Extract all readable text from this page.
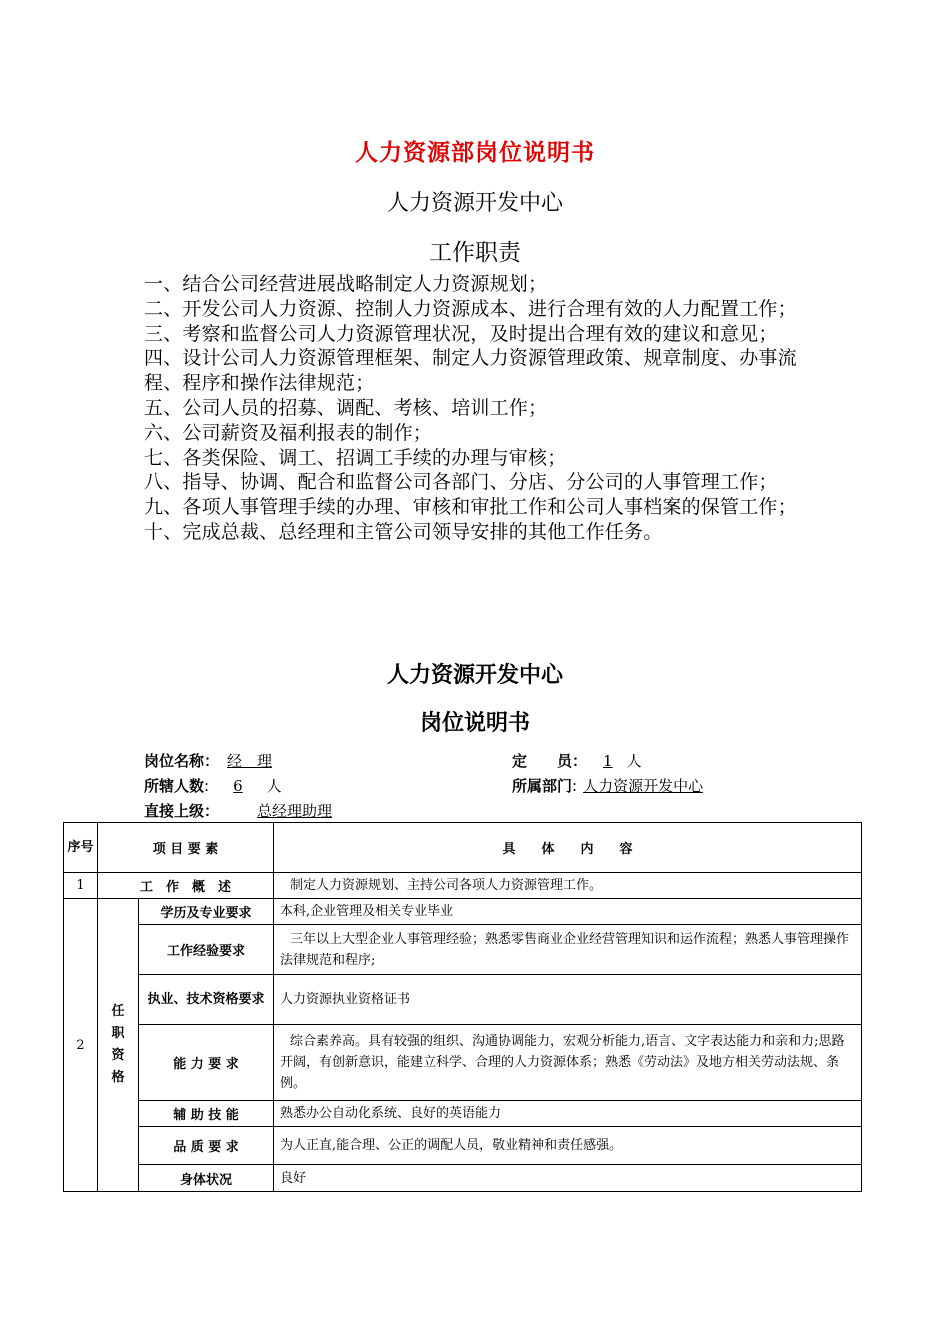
人力资源部岗位说明书
人力资源开发中心
工作职责
一、结合公司经营进展战略制定人力资源规划；
二、开发公司人力资源、控制人力资源成本、进行合理有效的人力配置工作；
三、考察和监督公司人力资源管理状况，及时提出合理有效的建议和意见；
四、设计公司人力资源管理框架、制定人力资源管理政策、规章制度、办事流程、程序和操作法律规范；
五、公司人员的招募、调配、考核、培训工作；
六、公司薪资及福利报表的制作；
七、各类保险、调工、招调工手续的办理与审核；
八、指导、协调、配合和监督公司各部门、分店、分公司的人事管理工作；
九、各项人事管理手续的办理、审核和审批工作和公司人事档案的保管工作；
十、完成总裁、总经理和主管公司领导安排的其他工作任务。
人力资源开发中心
岗位说明书
岗位名称： 经　理	定　　员： 1 人
所辖人数: 6 人	所属部门: 人力资源开发中心
直接上级：	总经理助理
序号	项 目 要 素		具　　体　　内　　容
1	工　作　概　述		制定人力资源规划、主持公司各项人力资源管理工作。
2	任职资格	学历及专业要求	本科,企业管理及相关专业毕业
		工作经验要求	三年以上大型企业人事管理经验；熟悉零售商业企业经营管理知识和运作流程；熟悉人事管理操作法律规范和程序;
		执业、技术资格要求	人力资源执业资格证书
		能 力 要 求	综合素养高。具有较强的组织、沟通协调能力，宏观分析能力,语言、文字表达能力和亲和力;思路开阔，有创新意识，能建立科学、合理的人力资源体系；熟悉《劳动法》及地方相关劳动法规、条例。
		辅 助 技 能	熟悉办公自动化系统、良好的英语能力
		品 质 要 求	为人正直,能合理、公正的调配人员，敬业精神和责任感强。
		身体状况	良好
